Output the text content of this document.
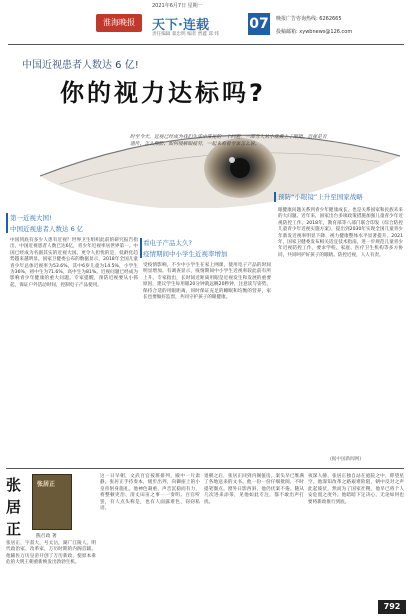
2021年6月7日 星期一
淮海晚报	天下·连载
责任编辑 翟忠明 编者 贾鑫 邱 炜
07 晚报广告咨询热线: 6262665
投稿邮箱: xywbnews@126.com
中国近视患者人数达 6 亿!
你的视力达标吗?
时至今天，近视已经成为我们生活中常见的一个问题，一部分人从小就戴上了眼镜。近视是否遗传、怎么预防、如何缓解眼疲劳，一起来看看专家怎么说。
第一近视大国!
中国近视患者人数达 6 亿
中国到底有多少人患有近视？世界卫生组织此前的研究报告指出，中国近视患者人数已达6亿，青少年近视率居世界第一。中国已经成为名副其实的近视大国。更令人担忧的是，低龄化趋势越来越明显。国家卫健委公布的数据显示，2018年全国儿童青少年总体近视率为53.6%，其中6岁儿童为14.5%，小学生为36%，初中生为71.6%，高中生为81%。近视问题已经成为影响青少年健康的重大问题。专家提醒，预防近视要从小抓起，保证户外活动时间，控制电子产品使用。
看电子产品太久?
疫情期间中小学生近视率增加
受疫情影响，不少中小学生在家上网课，使用电子产品的时间明显增加。有调查显示，疫情期间中小学生近视率较此前有所上升。专家指出，长时间近距离用眼是近视发生和发展的重要原因，建议学生每用眼20分钟就远眺20秒钟，注意读写姿势，保持合适的用眼距离，同时保证充足的睡眠和均衡的营养，家长也要做好监督，共同守护孩子的眼健康。
预防“小眼镜”上升至国家战略
眼健康问题关系到青少年健康成长，也是关系国家和民族未来的大问题。近年来，国家出台多项政策措施加强儿童青少年近视防控工作。2018年，教育部等八部门联合印发《综合防控儿童青少年近视实施方案》，提出到2030年实现全国儿童青少年新发近视率明显下降、视力健康整体水平显著提升。2021年，国家卫健委发布相关适宜技术指南，进一步规范儿童青少年近视防控工作，要求学校、家庭、医疗卫生机构等多方协同，共同呵护好孩子的眼睛。防控近视，人人有责。
(据中国新闻网)
张
居
正
张居正
熊召政 著
张居正，字叔大，号太岳，湖广江陵人。明代政治家、改革家，万历时期的内阁首辅。他辅佐万历皇帝开创了万历新政，使原本垂危的大明王朝重新焕发出勃勃生机。
这一日早朝，文武百官按班排列，殿中一片肃静。张居正手持奏本，缓步出列，向御座上的小皇帝躬身施礼。他神色凝重，声音沉稳而有力，将整顿吏治、清丈田亩之事一一奏明。百官听罢，有人点头称是，也有人面露难色，窃窃私语。
退朝之后，张居正回到内阁值房，案头早已堆满了各地送来的文书。他一份一份仔细批阅，不时提笔圈点。窗外日影西斜，他仍伏案不倦。随从几次进来添茶，见他如此专注，都不敢出声打扰。
夜深人静，张居正独自站在庭院之中，仰望星空。他深知改革之路艰难险阻，朝中反对之声此起彼伏，然而为了国家社稷，他早已将个人安危置之度外。他暗暗下定决心，无论如何也要将新政推行到底。
792
